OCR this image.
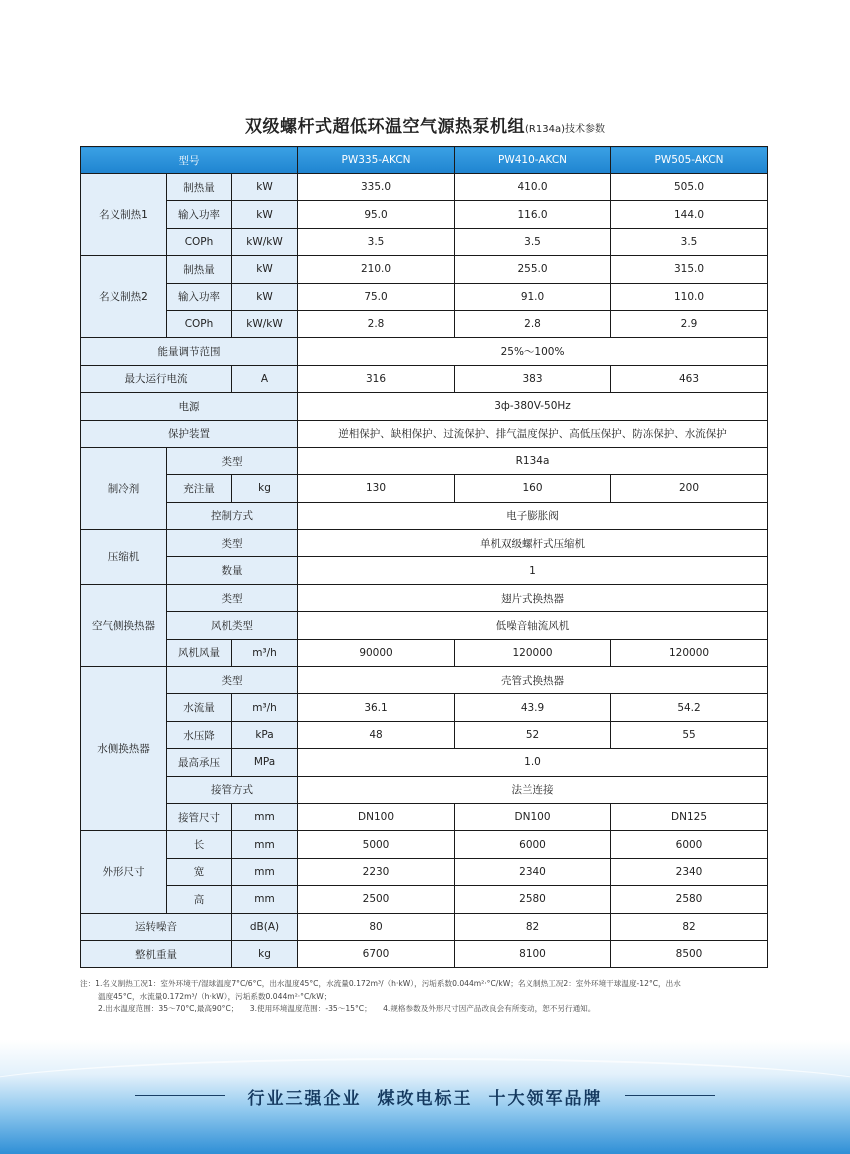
双级螺杆式超低环温空气源热泵机组(R134a)技术参数
型号			PW335-AKCN	PW410-AKCN	PW505-AKCN
名义制热1	制热量	kW	335.0	410.0	505.0
	输入功率	kW	95.0	116.0	144.0
	COPh	kW/kW	3.5	3.5	3.5
名义制热2	制热量	kW	210.0	255.0	315.0
	输入功率	kW	75.0	91.0	110.0
	COPh	kW/kW	2.8	2.8	2.9
能量调节范围			25%～100%		
最大运行电流		A	316	383	463
电源			3ф-380V-50Hz		
保护装置			逆相保护、缺相保护、过流保护、排气温度保护、高低压保护、防冻保护、水流保护		
制冷剂	类型		R134a		
	充注量	kg	130	160	200
	控制方式		电子膨胀阀		
压缩机	类型		单机双级螺杆式压缩机		
	数量		1		
空气侧换热器	类型		翅片式换热器		
	风机类型		低噪音轴流风机		
	风机风量	m³/h	90000	120000	120000
水侧换热器	类型		壳管式换热器		
	水流量	m³/h	36.1	43.9	54.2
	水压降	kPa	48	52	55
	最高承压	MPa	1.0		
	接管方式		法兰连接		
	接管尺寸	mm	DN100	DN100	DN125
外形尺寸	长	mm	5000	6000	6000
	宽	mm	2230	2340	2340
	高	mm	2500	2580	2580
运转噪音		dB(A)	80	82	82
整机重量		kg	6700	8100	8500
注：1.名义制热工况1：室外环境干/湿球温度7°C/6°C，出水温度45°C，水流量0.172m³/（h·kW），污垢系数0.044m²·°C/kW；名义制热工况2：室外环境干球温度-12°C，出水
温度45°C，水流量0.172m³/（h·kW），污垢系数0.044m²·°C/kW；
2.出水温度范围：35～70°C,最高90°C；　　3.使用环境温度范围：-35～15°C；　　4.规格参数及外形尺寸因产品改良会有所变动，恕不另行通知。
行业三强企业 煤改电标王 十大领军品牌
